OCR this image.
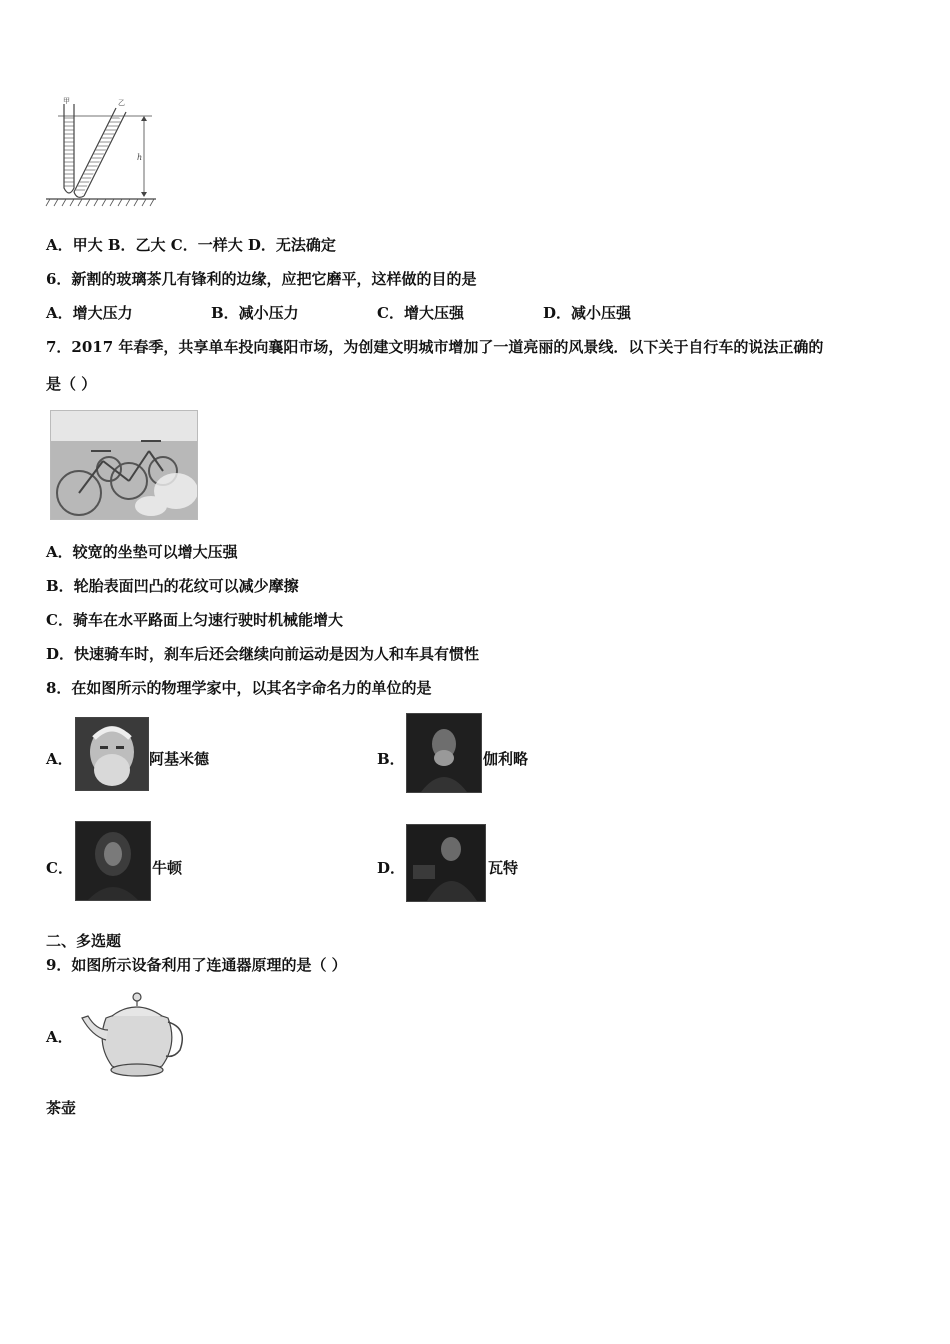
甲	乙
h
A．甲大 B．乙大 C．一样大 D．无法确定
6．新割的玻璃茶几有锋利的边缘，应把它磨平，这样做的目的是
A．增大压力	B．减小压力	C．增大压强	D．减小压强
7．2017 年春季，共享单车投向襄阳市场，为创建文明城市增加了一道亮丽的风景线．以下关于自行车的说法正确的
是（ ）
A．较宽的坐垫可以增大压强
B．轮胎表面凹凸的花纹可以减少摩擦
C．骑车在水平路面上匀速行驶时机械能增大
D．快速骑车时，刹车后还会继续向前运动是因为人和车具有惯性
8．在如图所示的物理学家中，以其名字命名力的单位的是
A．	阿基米德	B．	伽利略
C．	牛顿	D．	瓦特
二、多选题
9．如图所示设备利用了连通器原理的是（ ）
A．
茶壶
